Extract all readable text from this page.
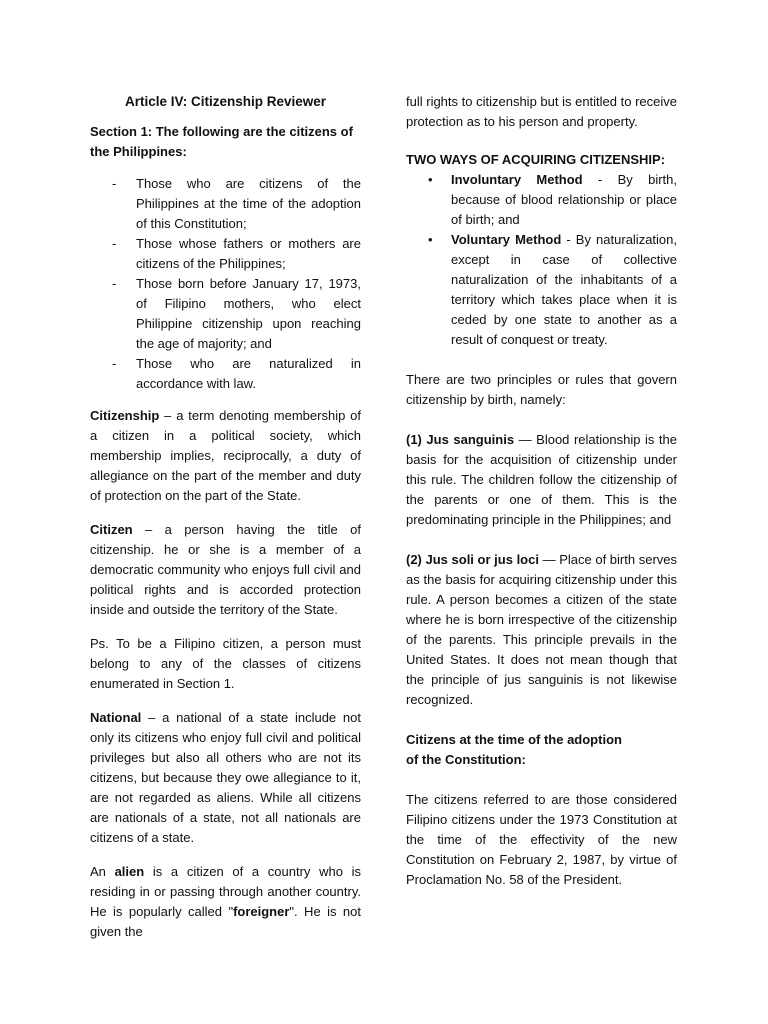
Article IV: Citizenship Reviewer

Section 1: The following are the citizens of the Philippines:

- Those who are citizens of the Philippines at the time of the adoption of this Constitution;
- Those whose fathers or mothers are citizens of the Philippines;
- Those born before January 17, 1973, of Filipino mothers, who elect Philippine citizenship upon reaching the age of majority; and
- Those who are naturalized in accordance with law.

Citizenship – a term denoting membership of a citizen in a political society, which membership implies, reciprocally, a duty of allegiance on the part of the member and duty of protection on the part of the State.

Citizen – a person having the title of citizenship. he or she is a member of a democratic community who enjoys full civil and political rights and is accorded protection inside and outside the territory of the State.

Ps. To be a Filipino citizen, a person must belong to any of the classes of citizens enumerated in Section 1.

National – a national of a state include not only its citizens who enjoy full civil and political privileges but also all others who are not its citizens, but because they owe allegiance to it, are not regarded as aliens. While all citizens are nationals of a state, not all nationals are citizens of a state.

An alien is a citizen of a country who is residing in or passing through another country. He is popularly called "foreigner". He is not given the

full rights to citizenship but is entitled to receive protection as to his person and property.

TWO WAYS OF ACQUIRING CITIZENSHIP:

• Involuntary Method - By birth, because of blood relationship or place of birth; and
• Voluntary Method - By naturalization, except in case of collective naturalization of the inhabitants of a territory which takes place when it is ceded by one state to another as a result of conquest or treaty.

There are two principles or rules that govern citizenship by birth, namely:

(1) Jus sanguinis — Blood relationship is the basis for the acquisition of citizenship under this rule. The children follow the citizenship of the parents or one of them. This is the predominating principle in the Philippines; and

(2) Jus soli or jus loci — Place of birth serves as the basis for acquiring citizenship under this rule. A person becomes a citizen of the state where he is born irrespective of the citizenship of the parents. This principle prevails in the United States. It does not mean though that the principle of jus sanguinis is not likewise recognized.

Citizens at the time of the adoption
of the Constitution:

The citizens referred to are those considered Filipino citizens under the 1973 Constitution at the time of the effectivity of the new Constitution on February 2, 1987, by virtue of Proclamation No. 58 of the President.
